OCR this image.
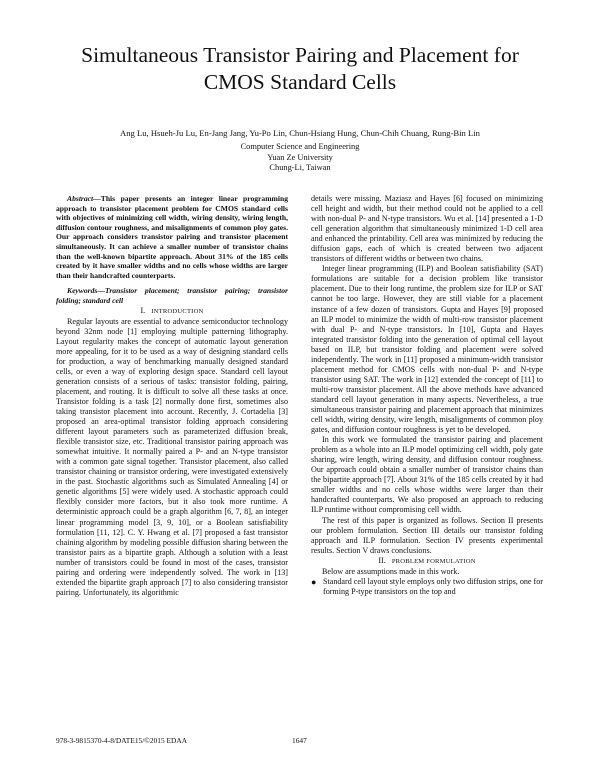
Simultaneous Transistor Pairing and Placement for
CMOS Standard Cells
Ang Lu, Hsueh-Ju Lu, En-Jang Jang, Yu-Po Lin, Chun-Hsiang Hung, Chun-Chih Chuang, Rung-Bin Lin
Computer Science and Engineering
Yuan Ze University
Chung-Li, Taiwan

Abstract—This paper presents an integer linear programming approach to transistor placement problem for CMOS standard cells with objectives of minimizing cell width, wiring density, wiring length, diffusion contour roughness, and misalignments of common ploy gates. Our approach considers transistor pairing and transistor placement simultaneously. It can achieve a smaller number of transistor chains than the well-known bipartite approach. About 31% of the 185 cells created by it have smaller widths and no cells whose widths are larger than their handcrafted counterparts.

Keywords—Transistor placement; transistor pairing; transistor folding; standard cell

I. INTRODUCTION

Regular layouts are essential to advance semiconductor technology beyond 32nm node [1] employing multiple patterning lithography. Layout regularity makes the concept of automatic layout generation more appealing, for it to be used as a way of designing standard cells for production, a way of benchmarking manually designed standard cells, or even a way of exploring design space. Standard cell layout generation consists of a serious of tasks: transistor folding, pairing, placement, and routing. It is difficult to solve all these tasks at once. Transistor folding is a task [2] normally done first, sometimes also taking transistor placement into account. Recently, J. Cortadelia [3] proposed an area-optimal transistor folding approach considering different layout parameters such as parameterized diffusion break, flexible transistor size, etc. Traditional transistor pairing approach was somewhat intuitive. It normally paired a P- and an N-type transistor with a common gate signal together. Transistor placement, also called transistor chaining or transistor ordering, were investigated extensively in the past. Stochastic algorithms such as Simulated Annealing [4] or genetic algorithms [5] were widely used. A stochastic approach could flexibly consider more factors, but it also took more runtime. A deterministic approach could be a graph algorithm [6, 7, 8], an integer linear programming model [3, 9, 10], or a Boolean satisfiability formulation [11, 12]. C. Y. Hwang et al. [7] proposed a fast transistor chaining algorithm by modeling possible diffusion sharing between the transistor pairs as a bipartite graph. Although a solution with a least number of transistors could be found in most of the cases, transistor pairing and ordering were independently solved. The work in [13] extended the bipartite graph approach [7] to also considering transistor pairing. Unfortunately, its algorithmic

details were missing. Maziasz and Hayes [6] focused on minimizing cell height and width, but their method could not be applied to a cell with non-dual P- and N-type transistors. Wu et al. [14] presented a 1-D cell generation algorithm that simultaneously minimized 1-D cell area and enhanced the printability. Cell area was minimized by reducing the diffusion gaps, each of which is created between two adjacent transistors of different widths or between two chains.

Integer linear programming (ILP) and Boolean satisfiability (SAT) formulations are suitable for a decision problem like transistor placement. Due to their long runtime, the problem size for ILP or SAT cannot be too large. However, they are still viable for a placement instance of a few dozen of transistors. Gupta and Hayes [9] proposed an ILP model to minimize the width of multi-row transistor placement with dual P- and N-type transistors. In [10], Gupta and Hayes integrated transistor folding into the generation of optimal cell layout based on ILP, but transistor folding and placement were solved independently. The work in [11] proposed a minimum-width transistor placement method for CMOS cells with non-dual P- and N-type transistor using SAT. The work in [12] extended the concept of [11] to multi-row transistor placement. All the above methods have advanced standard cell layout generation in many aspects. Nevertheless, a true simultaneous transistor pairing and placement approach that minimizes cell width, wiring density, wire length, misalignments of common ploy gates, and diffusion contour roughness is yet to be developed.

In this work we formulated the transistor pairing and placement problem as a whole into an ILP model optimizing cell width, poly gate sharing, wire length, wiring density, and diffusion contour roughness. Our approach could obtain a smaller number of transistor chains than the bipartite approach [7]. About 31% of the 185 cells created by it had smaller widths and no cells whose widths were larger than their handcrafted counterparts. We also proposed an approach to reducing ILP runtime without compromising cell width.

The rest of this paper is organized as follows. Section II presents our problem formulation. Section III details our transistor folding approach and ILP formulation. Section IV presents experimental results. Section V draws conclusions.

II. PROBLEM FORMULATION

Below are assumptions made in this work.

● Standard cell layout style employs only two diffusion strips, one for forming P-type transistors on the top and
978-3-9815370-4-8/DATE15/©2015 EDAA	1647
